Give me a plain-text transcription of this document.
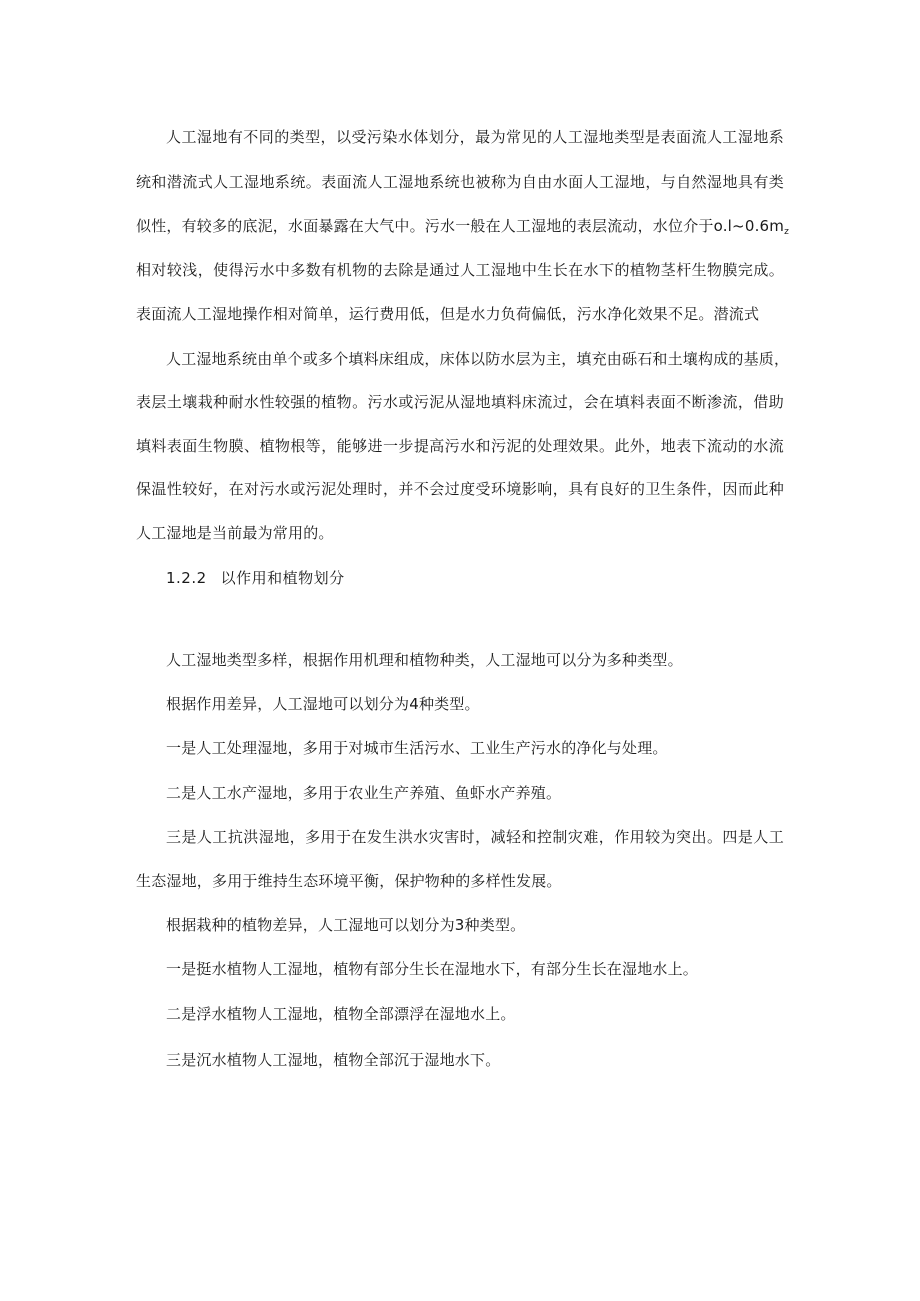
人工湿地有不同的类型，以受污染水体划分，最为常见的人工湿地类型是表面流人工湿地系
统和潜流式人工湿地系统。表面流人工湿地系统也被称为自由水面人工湿地，与自然湿地具有类
似性，有较多的底泥，水面暴露在大气中。污水一般在人工湿地的表层流动，水位介于$o.l\sim 0.6m_z$
相对较浅，使得污水中多数有机物的去除是通过人工湿地中生长在水下的植物茎杆生物膜完成。
表面流人工湿地操作相对简单，运行费用低，但是水力负荷偏低，污水净化效果不足。潜流式
人工湿地系统由单个或多个填料床组成，床体以防水层为主，填充由砾石和土壤构成的基质，
表层土壤栽种耐水性较强的植物。污水或污泥从湿地填料床流过，会在填料表面不断渗流，借助
填料表面生物膜、植物根等，能够进一步提高污水和污泥的处理效果。此外，地表下流动的水流
保温性较好，在对污水或污泥处理时，并不会过度受环境影响，具有良好的卫生条件，因而此种
人工湿地是当前最为常用的。
1.2.2 以作用和植物划分
人工湿地类型多样，根据作用机理和植物种类，人工湿地可以分为多种类型。
根据作用差异，人工湿地可以划分为4种类型。
一是人工处理湿地，多用于对城市生活污水、工业生产污水的净化与处理。
二是人工水产湿地，多用于农业生产养殖、鱼虾水产养殖。
三是人工抗洪湿地，多用于在发生洪水灾害时，减轻和控制灾难，作用较为突出。四是人工
生态湿地，多用于维持生态环境平衡，保护物种的多样性发展。
根据栽种的植物差异，人工湿地可以划分为3种类型。
一是挺水植物人工湿地，植物有部分生长在湿地水下，有部分生长在湿地水上。
二是浮水植物人工湿地，植物全部漂浮在湿地水上。
三是沉水植物人工湿地，植物全部沉于湿地水下。
